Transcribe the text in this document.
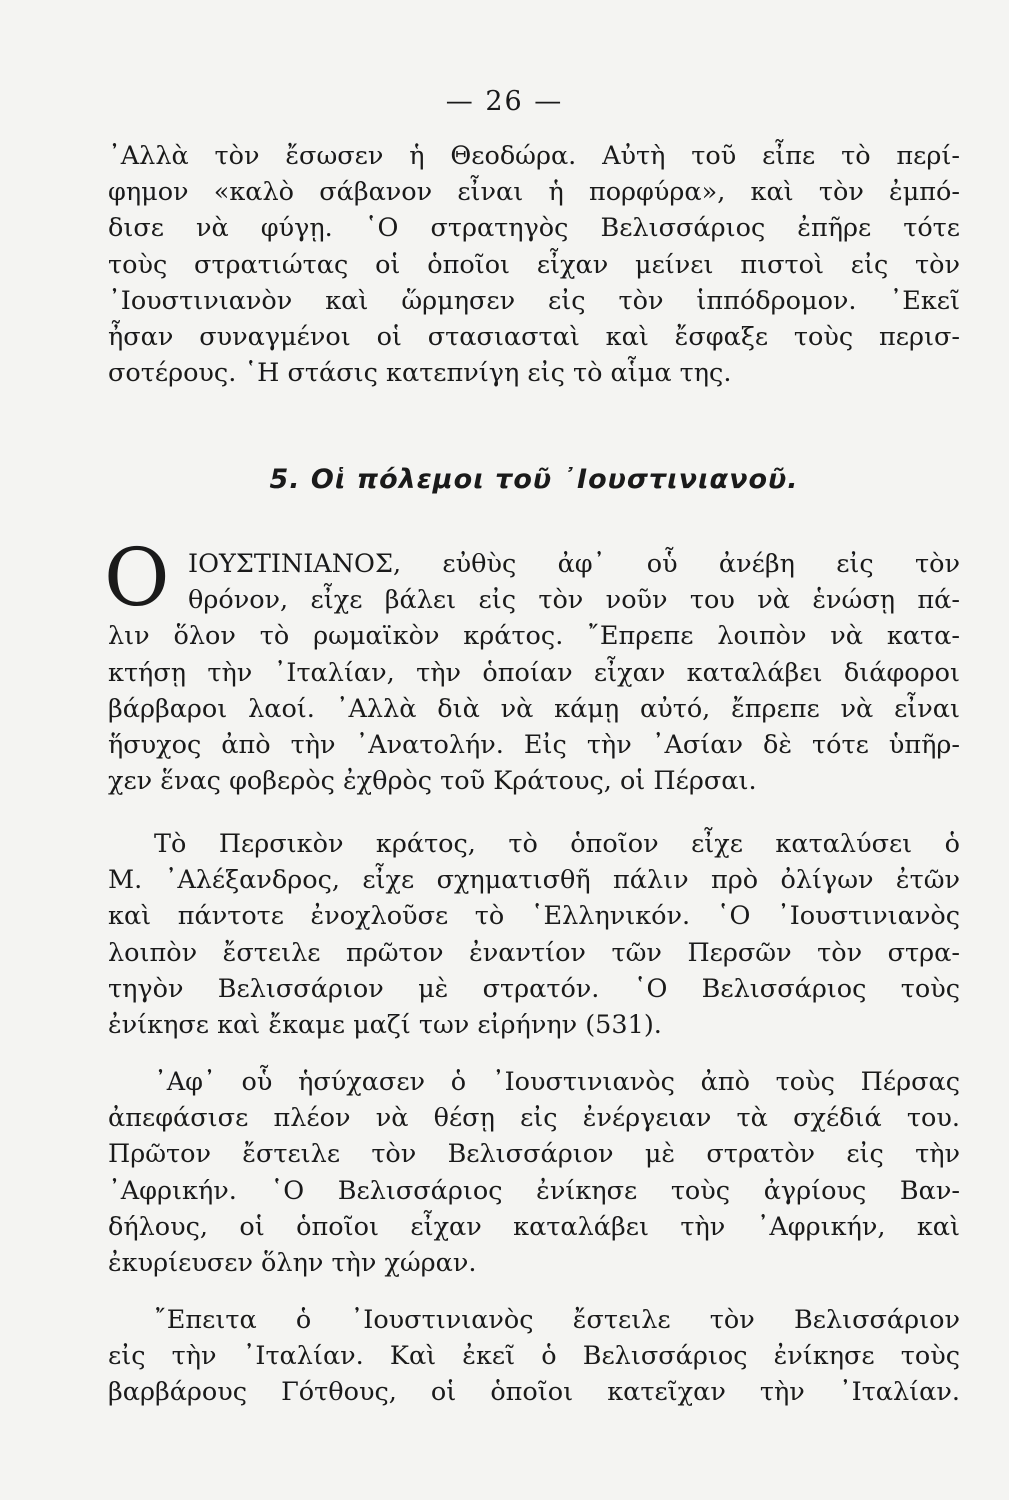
— 26 —
᾿Αλλὰ τὸν ἔσωσεν ἡ Θεοδώρα. Αὐτὴ τοῦ εἶπε τὸ περί-
φημον «καλὸ σάβανον εἶναι ἡ πορφύρα», καὶ τὸν ἐμπό-
δισε νὰ φύγῃ. ῾Ο στρατηγὸς Βελισσάριος ἐπῆρε τότε
τοὺς στρατιώτας οἱ ὁποῖοι εἶχαν μείνει πιστοὶ εἰς τὸν
᾿Ιουστινιανὸν καὶ ὥρμησεν εἰς τὸν ἱππόδρομον. ᾿Εκεῖ
ἦσαν συναγμένοι οἱ στασιασταὶ καὶ ἔσφαξε τοὺς περισ-
σοτέρους. ῾Η στάσις κατεπνίγη εἰς τὸ αἷμα της.
5. Οἱ πόλεμοι τοῦ ᾿Ιουστινιανοῦ.
Ο ΙΟΥΣΤΙΝΙΑΝΟΣ, εὐθὺς ἀφ᾿ οὗ ἀνέβη εἰς τὸν
θρόνον, εἶχε βάλει εἰς τὸν νοῦν του νὰ ἑνώσῃ πά-
λιν ὅλον τὸ ρωμαϊκὸν κράτος. ῎Επρεπε λοιπὸν νὰ κατα-
κτήσῃ τὴν ᾿Ιταλίαν, τὴν ὁποίαν εἶχαν καταλάβει διάφοροι
βάρβαροι λαοί. ᾿Αλλὰ διὰ νὰ κάμῃ αὐτό, ἔπρεπε νὰ εἶναι
ἥσυχος ἀπὸ τὴν ᾿Ανατολήν. Εἰς τὴν ᾿Ασίαν δὲ τότε ὑπῆρ-
χεν ἕνας φοβερὸς ἐχθρὸς τοῦ Κράτους, οἱ Πέρσαι.
Τὸ Περσικὸν κράτος, τὸ ὁποῖον εἶχε καταλύσει ὁ
Μ. ᾿Αλέξανδρος, εἶχε σχηματισθῆ πάλιν πρὸ ὀλίγων ἐτῶν
καὶ πάντοτε ἐνοχλοῦσε τὸ ῾Ελληνικόν. ῾Ο ᾿Ιουστινιανὸς
λοιπὸν ἔστειλε πρῶτον ἐναντίον τῶν Περσῶν τὸν στρα-
τηγὸν Βελισσάριον μὲ στρατόν. ῾Ο Βελισσάριος τοὺς
ἐνίκησε καὶ ἔκαμε μαζί των εἰρήνην (531).
᾿Αφ᾿ οὗ ἡσύχασεν ὁ ᾿Ιουστινιανὸς ἀπὸ τοὺς Πέρσας
ἀπεφάσισε πλέον νὰ θέσῃ εἰς ἐνέργειαν τὰ σχέδιά του.
Πρῶτον ἔστειλε τὸν Βελισσάριον μὲ στρατὸν εἰς τὴν
᾿Αφρικήν. ῾Ο Βελισσάριος ἐνίκησε τοὺς ἀγρίους Βαν-
δήλους, οἱ ὁποῖοι εἶχαν καταλάβει τὴν ᾿Αφρικήν, καὶ
ἐκυρίευσεν ὅλην τὴν χώραν.
῎Επειτα ὁ ᾿Ιουστινιανὸς ἔστειλε τὸν Βελισσάριον
εἰς τὴν ᾿Ιταλίαν. Καὶ ἐκεῖ ὁ Βελισσάριος ἐνίκησε τοὺς
βαρβάρους Γότθους, οἱ ὁποῖοι κατεῖχαν τὴν ᾿Ιταλίαν.
